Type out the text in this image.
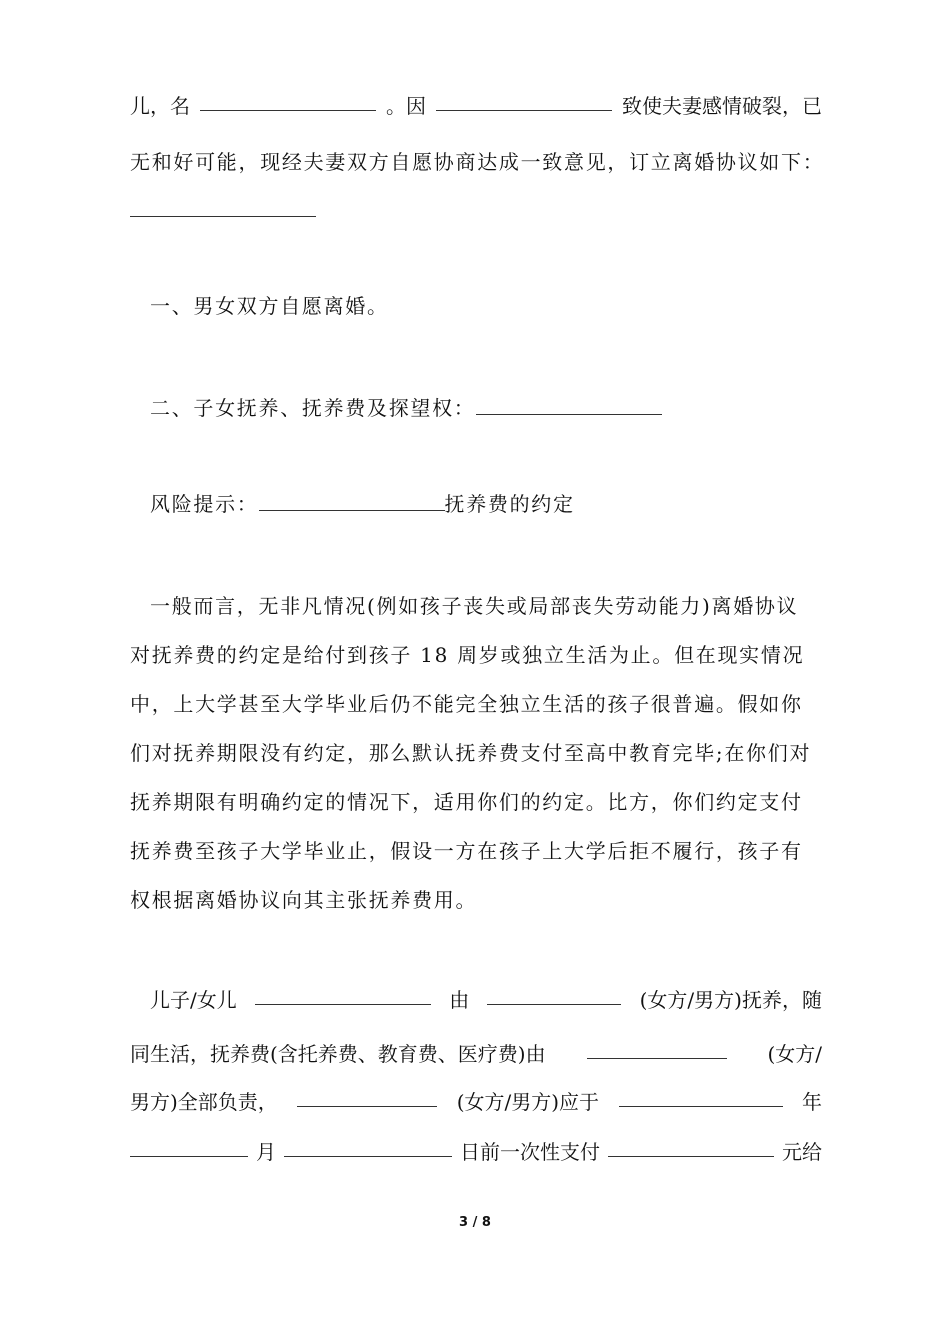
儿，名	。因	致使夫妻感情破裂，已
无和好可能，现经夫妻双方自愿协商达成一致意见，订立离婚协议如下：
一、男女双方自愿离婚。
二、子女抚养、抚养费及探望权：
风险提示：	抚养费的约定
一般而言，无非凡情况(例如孩子丧失或局部丧失劳动能力)离婚协议
对抚养费的约定是给付到孩子 18 周岁或独立生活为止。但在现实情况
中，上大学甚至大学毕业后仍不能完全独立生活的孩子很普遍。假如你
们对抚养期限没有约定，那么默认抚养费支付至高中教育完毕;在你们对
抚养期限有明确约定的情况下，适用你们的约定。比方，你们约定支付
抚养费至孩子大学毕业止，假设一方在孩子上大学后拒不履行，孩子有
权根据离婚协议向其主张抚养费用。
儿子/女儿	由	(女方/男方)抚养，随
同生活，抚养费(含托养费、教育费、医疗费)由	(女方/
男方)全部负责，	(女方/男方)应于	年
月	日前一次性支付	元给
3 / 8
